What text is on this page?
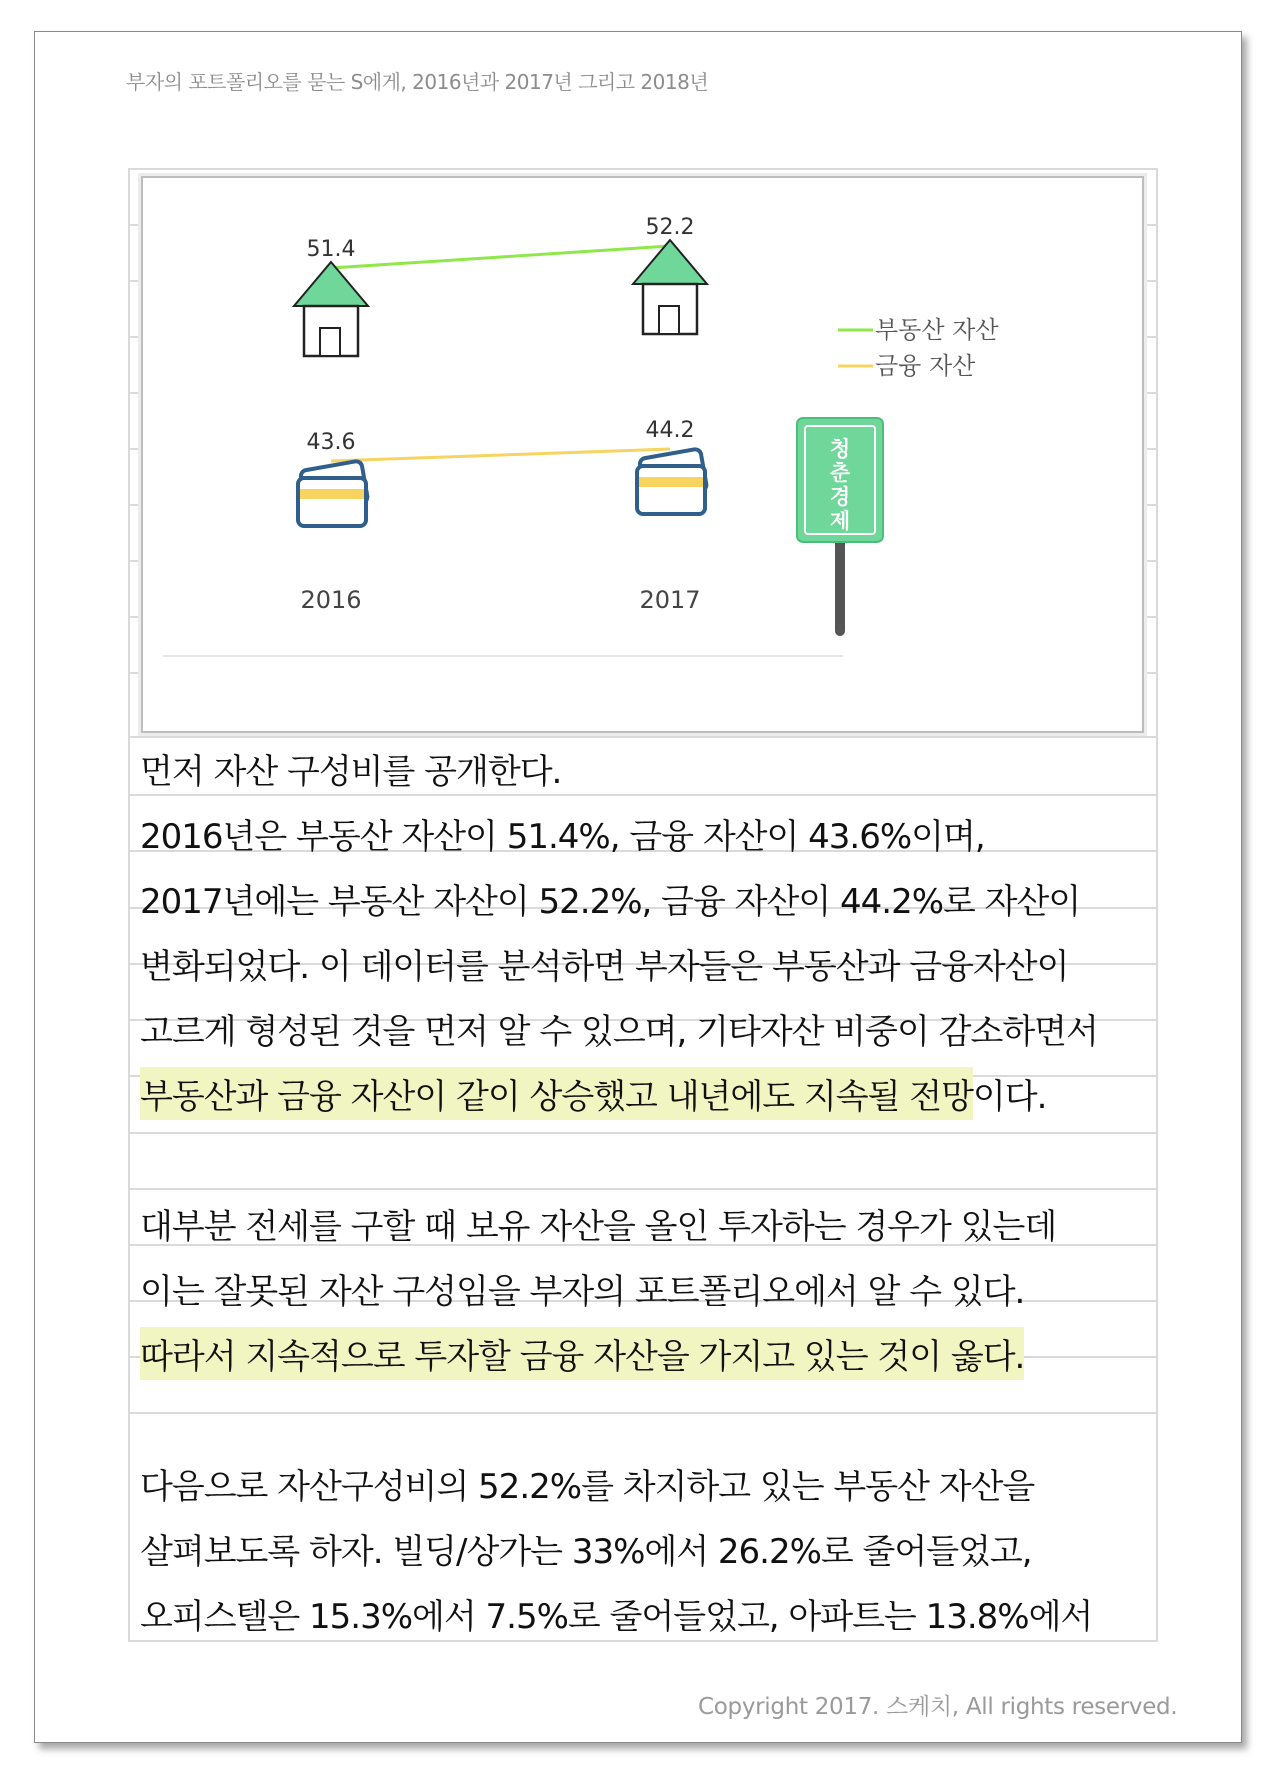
부자의 포트폴리오를 묻는 S에게, 2016년과 2017년 그리고 2018년
51.4
52.2
43.6	44.2
부동산 자산
금융 자산
청
춘
경
제
2016	2017
먼저 자산 구성비를 공개한다.
2016년은 부동산 자산이 51.4%, 금융 자산이 43.6%이며,
2017년에는 부동산 자산이 52.2%, 금융 자산이 44.2%로 자산이
변화되었다. 이 데이터를 분석하면 부자들은 부동산과 금융자산이
고르게 형성된 것을 먼저 알 수 있으며, 기타자산 비중이 감소하면서
부동산과 금융 자산이 같이 상승했고 내년에도 지속될 전망 이다.
대부분 전세를 구할 때 보유 자산을 올인 투자하는 경우가 있는데
이는 잘못된 자산 구성임을 부자의 포트폴리오에서 알 수 있다.
따라서 지속적으로 투자할 금융 자산을 가지고 있는 것이 옳다.
다음으로 자산구성비의 52.2%를 차지하고 있는 부동산 자산을
살펴보도록 하자. 빌딩/상가는 33%에서 26.2%로 줄어들었고,
오피스텔은 15.3%에서 7.5%로 줄어들었고, 아파트는 13.8%에서
Copyright 2017. 스케치, All rights reserved.
